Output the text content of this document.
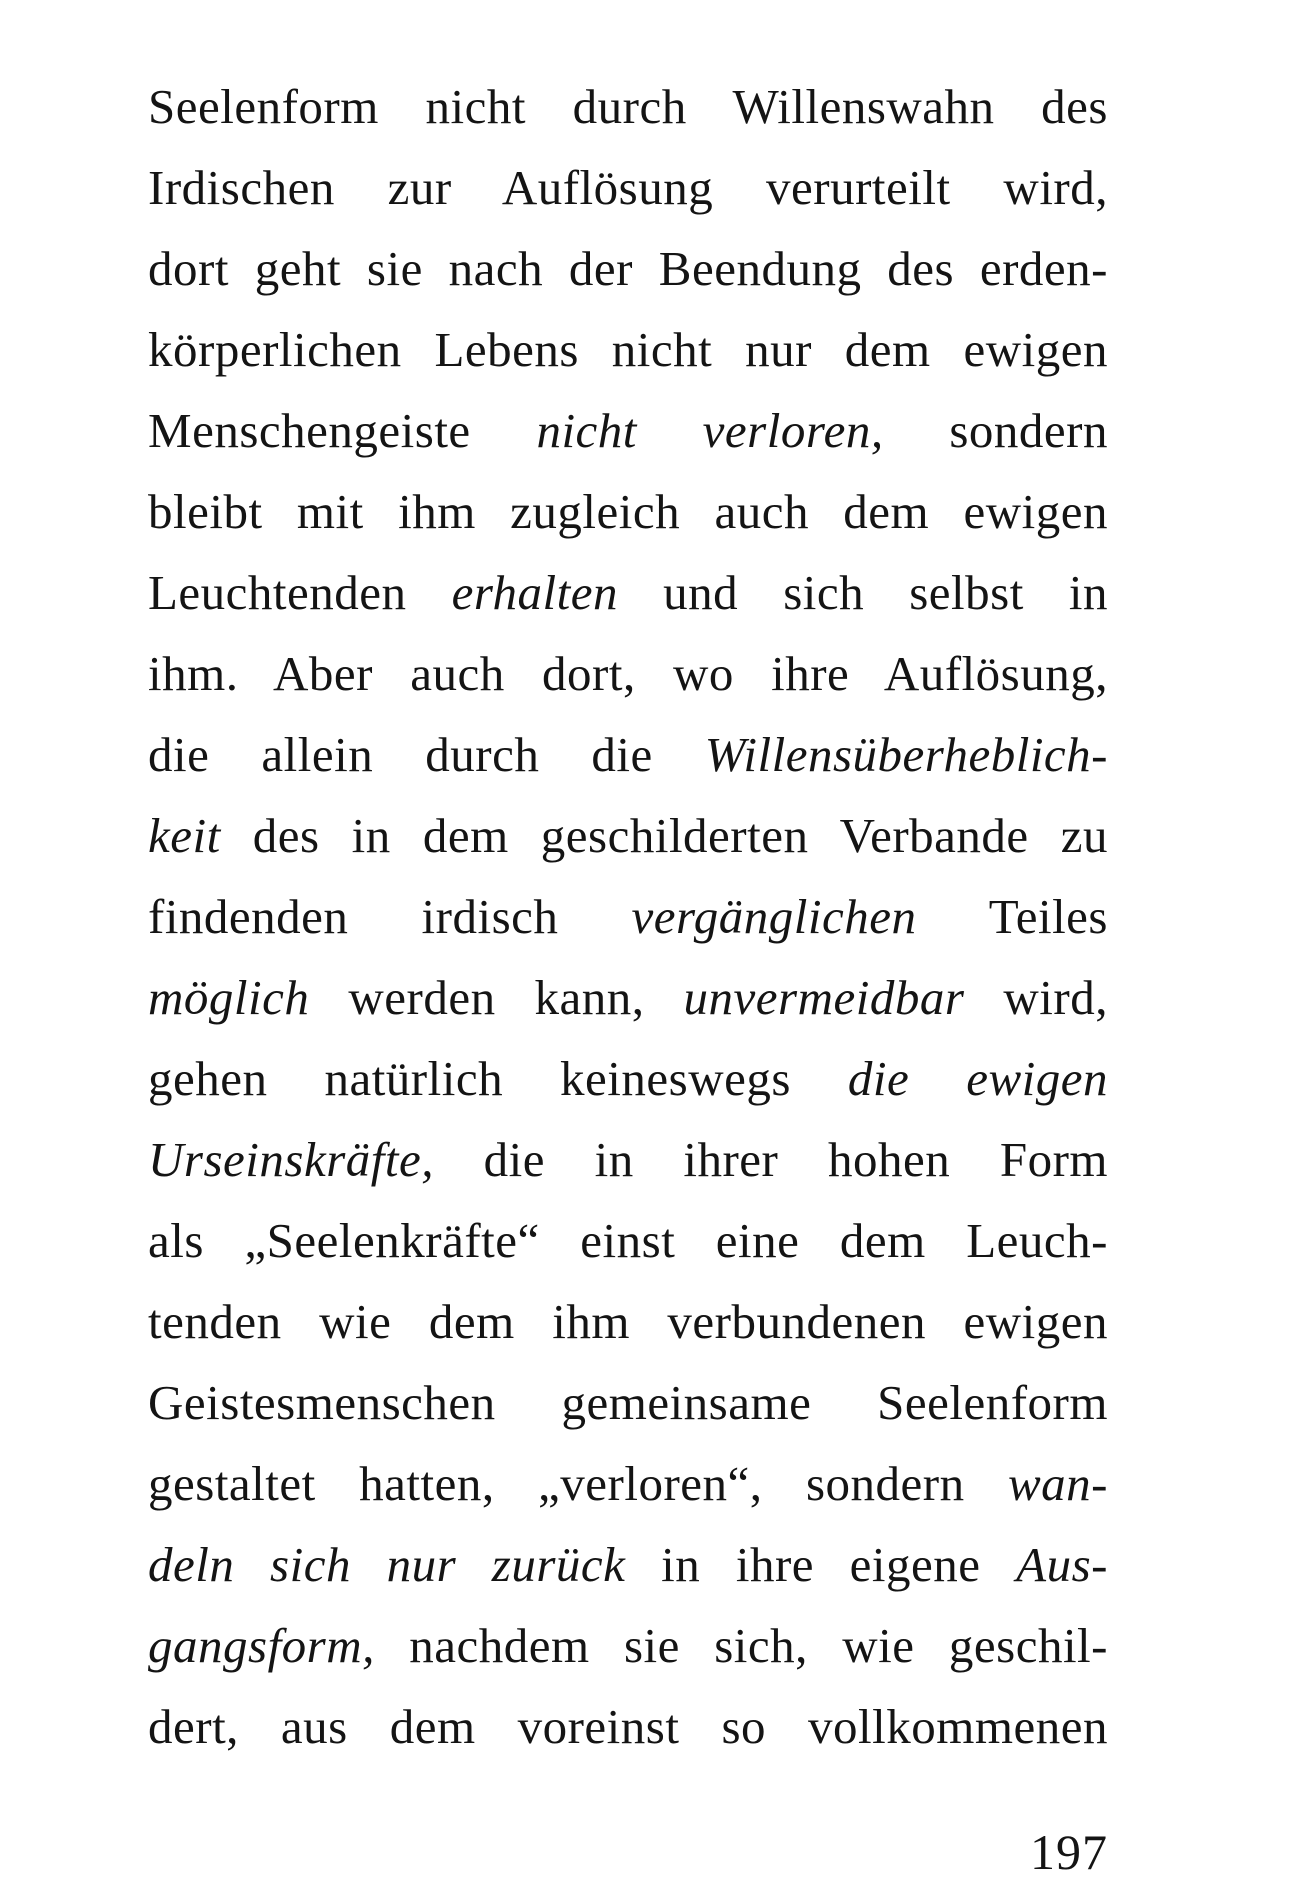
Seelenform nicht durch Willenswahn des
Irdischen zur Auflösung verurteilt wird,
dort geht sie nach der Beendung des erden-
körperlichen Lebens nicht nur dem ewigen
Menschengeiste nicht verloren, sondern
bleibt mit ihm zugleich auch dem ewigen
Leuchtenden erhalten und sich selbst in
ihm. Aber auch dort, wo ihre Auflösung,
die allein durch die Willensüberheblich-
keit des in dem geschilderten Verbande zu
findenden irdisch vergänglichen Teiles
möglich werden kann, unvermeidbar wird,
gehen natürlich keineswegs die ewigen
Urseinskräfte, die in ihrer hohen Form
als „Seelenkräfte“ einst eine dem Leuch-
tenden wie dem ihm verbundenen ewigen
Geistesmenschen gemeinsame Seelenform
gestaltet hatten, „verloren“, sondern wan-
deln sich nur zurück in ihre eigene Aus-
gangsform, nachdem sie sich, wie geschil-
dert, aus dem voreinst so vollkommenen
197
